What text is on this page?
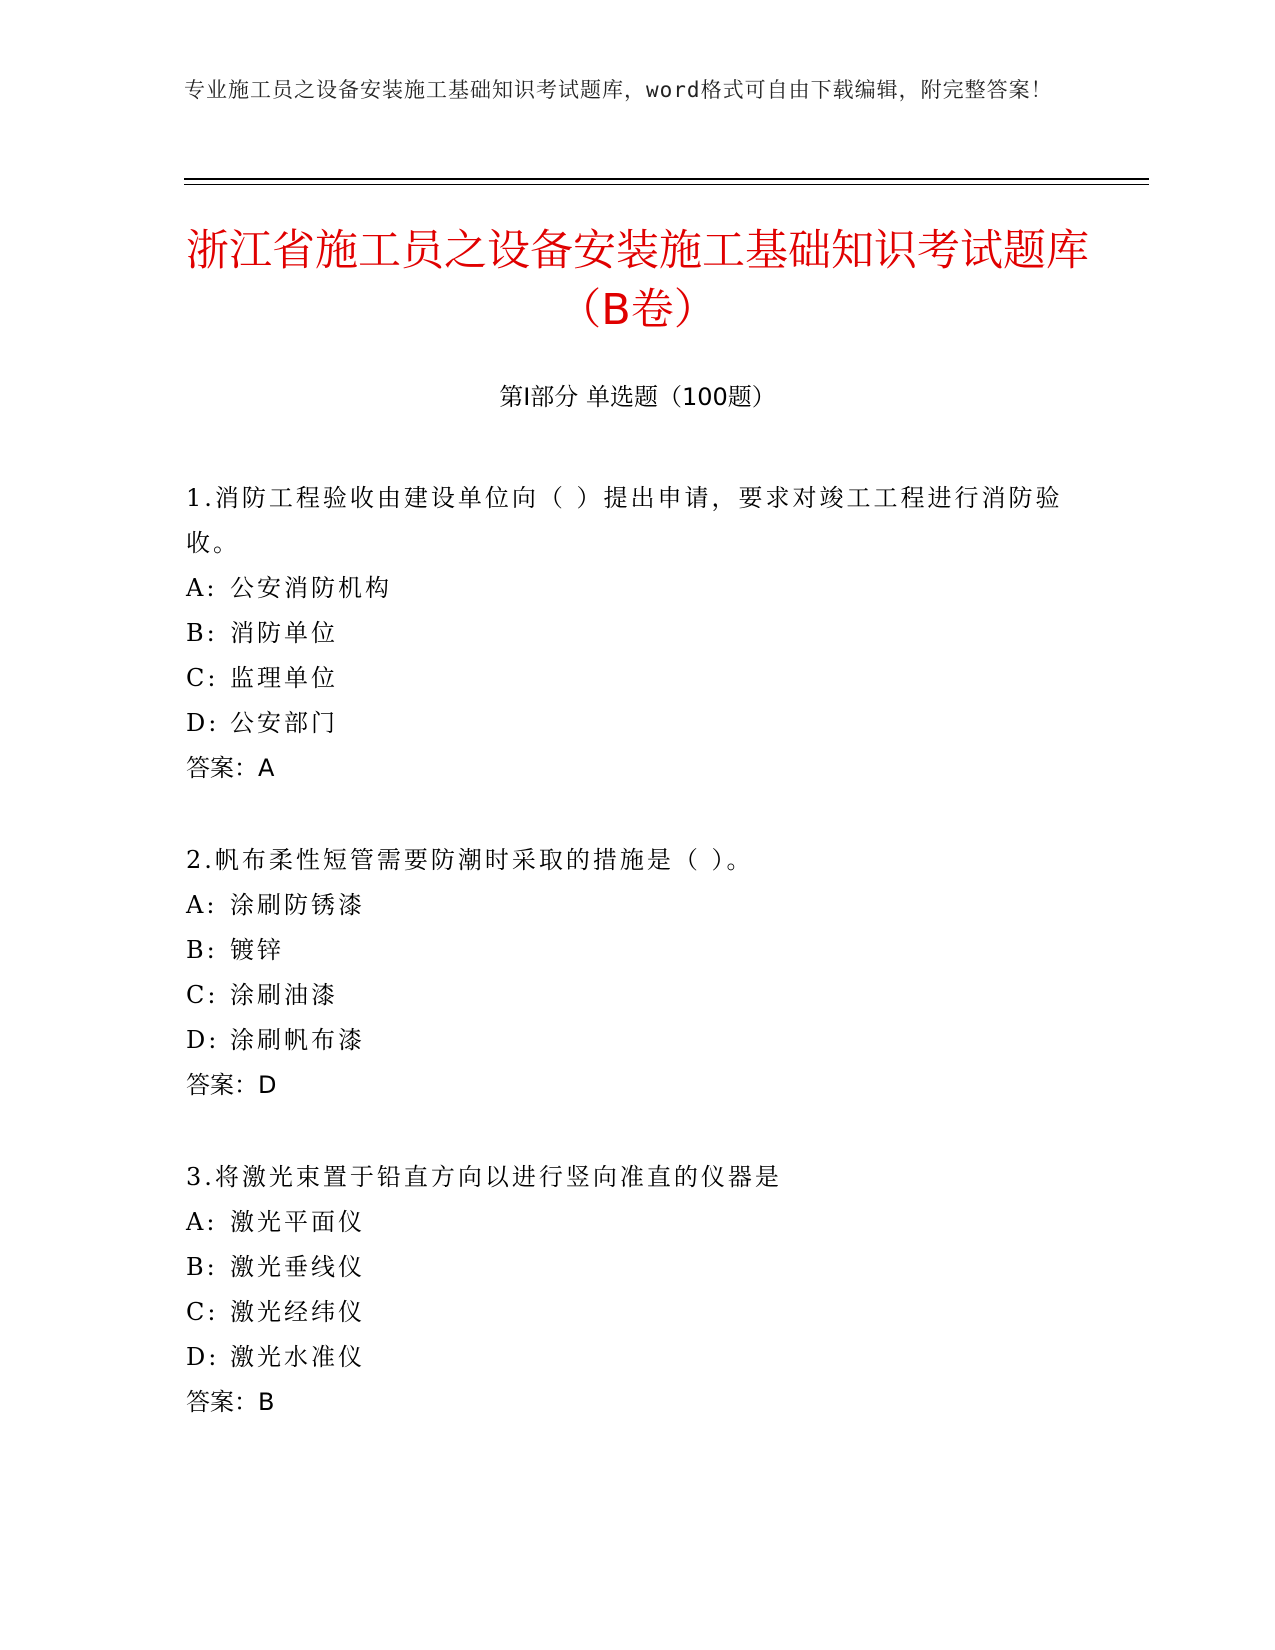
专业施工员之设备安装施工基础知识考试题库，word格式可自由下载编辑，附完整答案！
浙江省施工员之设备安装施工基础知识考试题库（B卷）
第Ⅰ部分 单选题（100题）

1.消防工程验收由建设单位向（ ）提出申请，要求对竣工工程进行消防验收。

A: 公安消防机构

B: 消防单位

C: 监理单位

D: 公安部门

答案：A

2.帆布柔性短管需要防潮时采取的措施是（ ）。

A: 涂刷防锈漆

B: 镀锌

C: 涂刷油漆

D: 涂刷帆布漆

答案：D

3.将激光束置于铅直方向以进行竖向准直的仪器是

A: 激光平面仪

B: 激光垂线仪

C: 激光经纬仪

D: 激光水准仪

答案：B
